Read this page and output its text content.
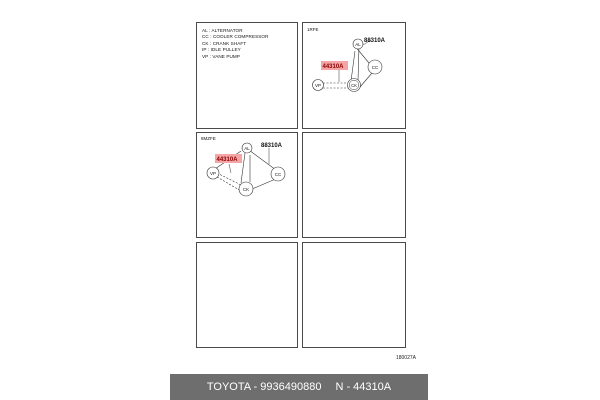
AL : ALTERNATOR
CC : COOLER COMPRESSOR
CK : CRANK SHAFT
IP : IDLE PULLEY
VP : VANE PUMP
1RFE
AL
CC
CK
VP
88310A
44310A
8MZFE
AL
CC
CK
VP
88310A
44310A
180027A
TOYOTA - 9936490880 N - 44310A
